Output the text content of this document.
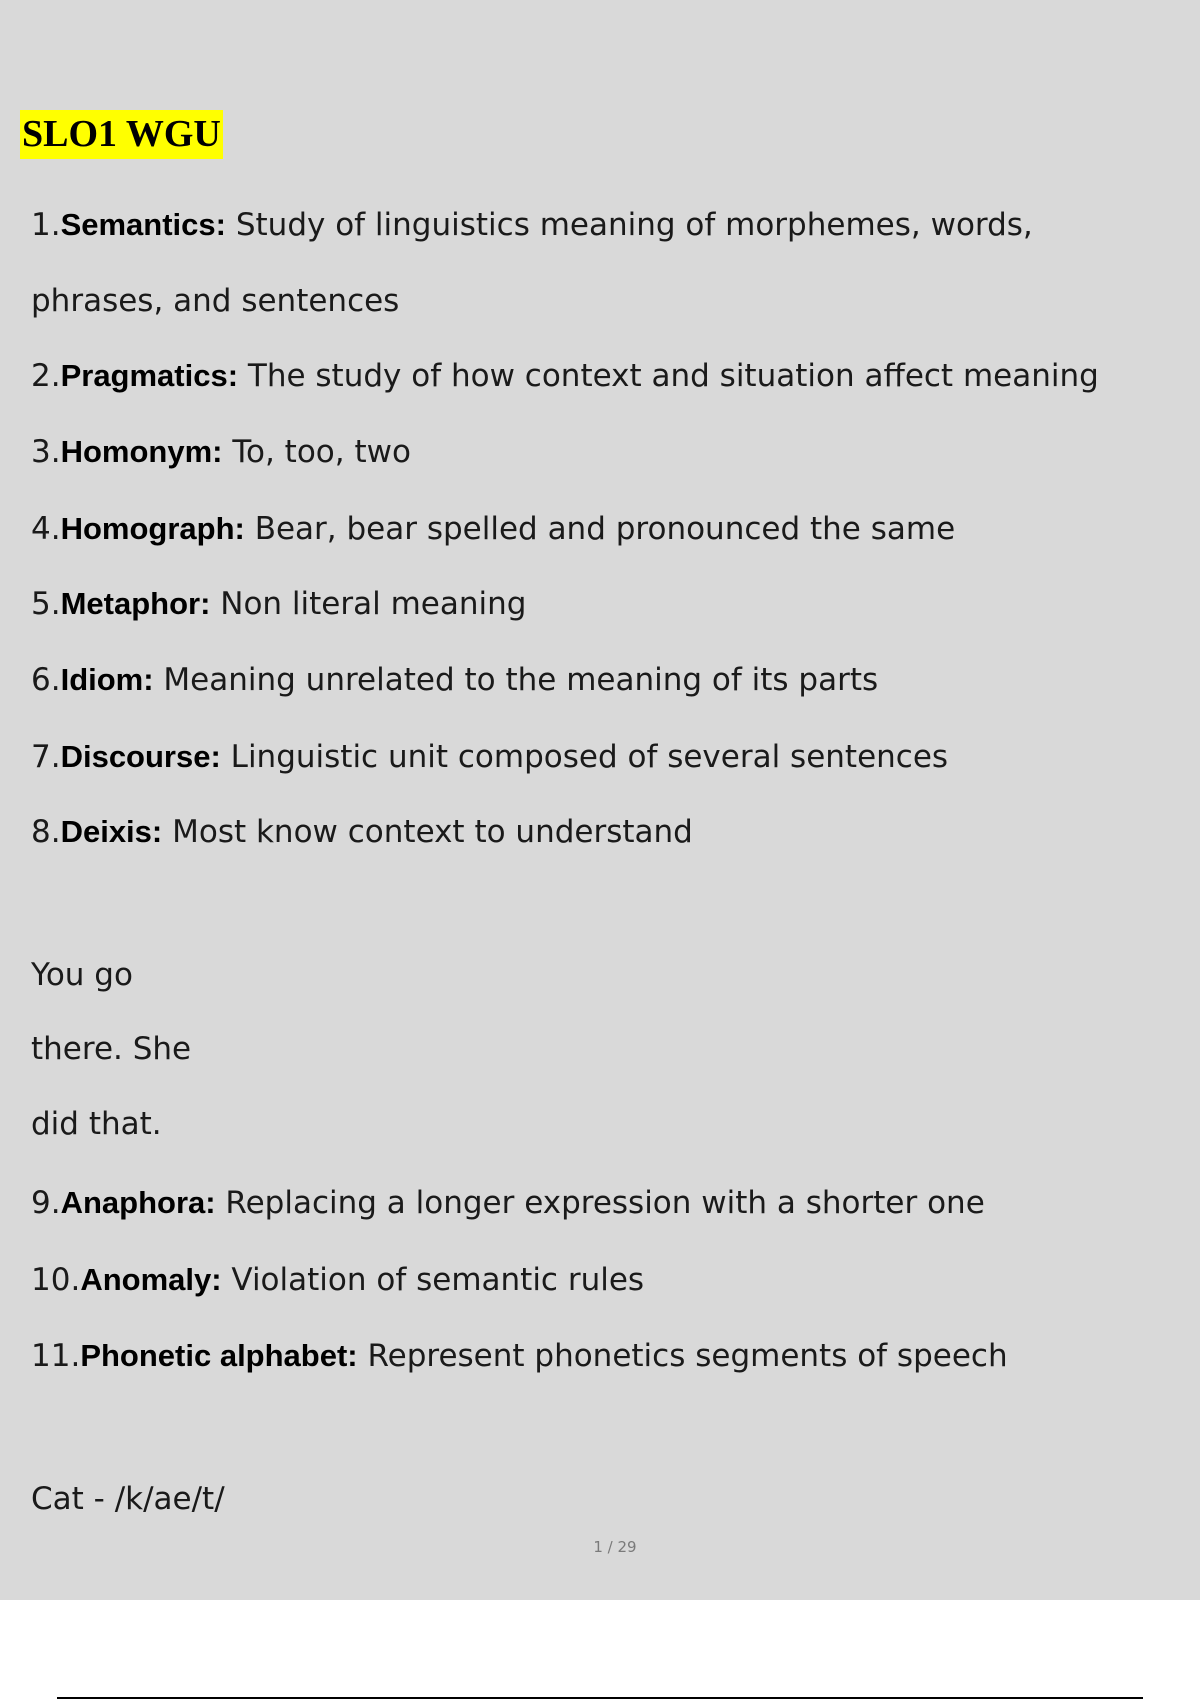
SLO1 WGU
1.Semantics: Study of linguistics meaning of morphemes, words,
phrases, and sentences
2.Pragmatics: The study of how context and situation affect meaning
3.Homonym: To, too, two
4.Homograph: Bear, bear spelled and pronounced the same
5.Metaphor: Non literal meaning
6.Idiom: Meaning unrelated to the meaning of its parts
7.Discourse: Linguistic unit composed of several sentences
8.Deixis: Most know context to understand
You go
there. She
did that.
9.Anaphora: Replacing a longer expression with a shorter one
10.Anomaly: Violation of semantic rules
11.Phonetic alphabet: Represent phonetics segments of speech
Cat - /k/ae/t/
1 / 29
